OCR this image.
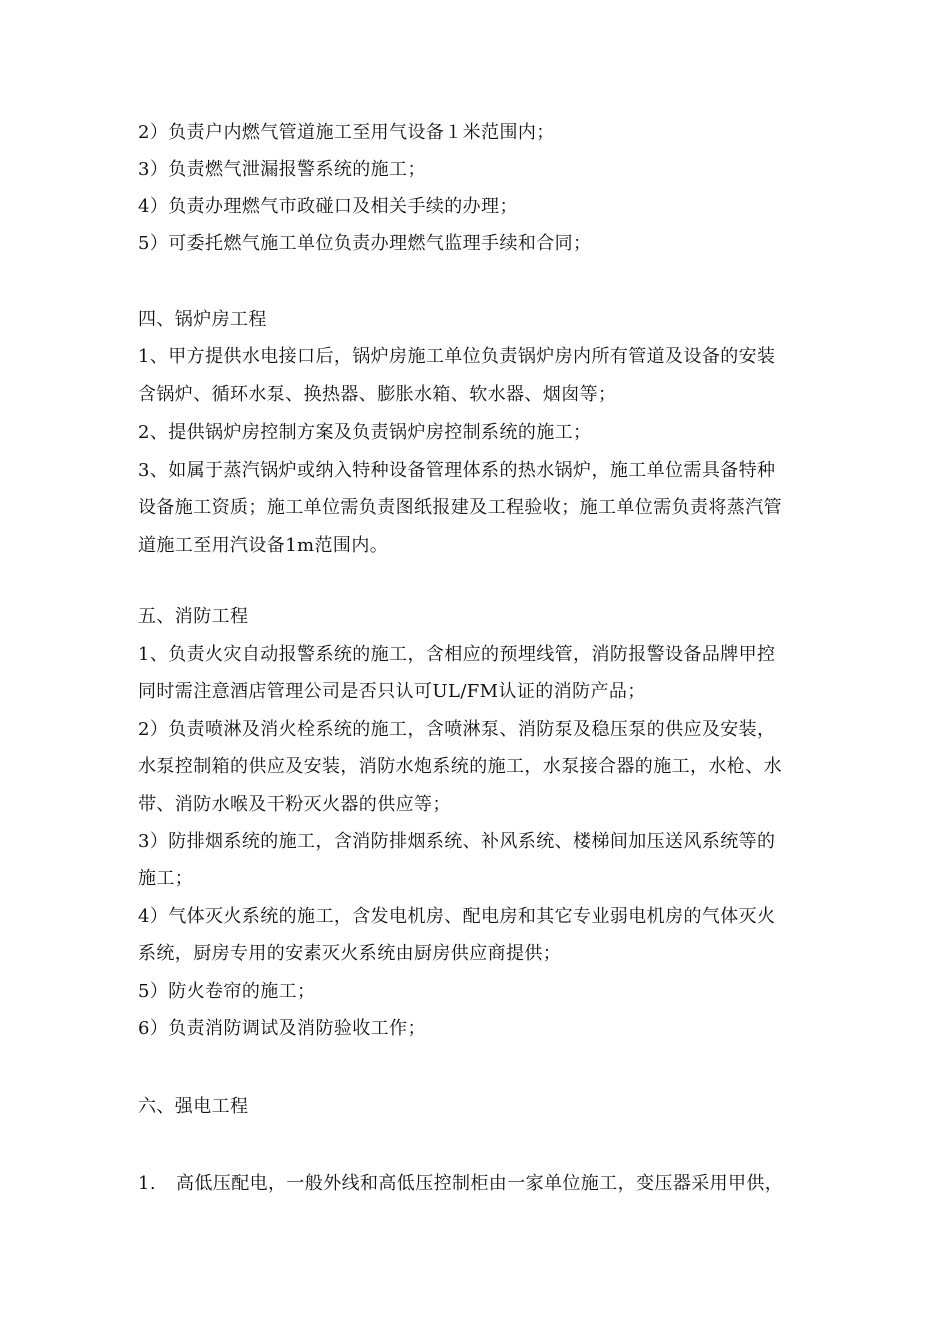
2）负责户内燃气管道施工至用气设备１米范围内；
3）负责燃气泄漏报警系统的施工；
4）负责办理燃气市政碰口及相关手续的办理；
5）可委托燃气施工单位负责办理燃气监理手续和合同；
四、锅炉房工程
1、甲方提供水电接口后，锅炉房施工单位负责锅炉房内所有管道及设备的安装
含锅炉、循环水泵、换热器、膨胀水箱、软水器、烟囱等；
2、提供锅炉房控制方案及负责锅炉房控制系统的施工；
3、如属于蒸汽锅炉或纳入特种设备管理体系的热水锅炉，施工单位需具备特种
设备施工资质；施工单位需负责图纸报建及工程验收；施工单位需负责将蒸汽管
道施工至用汽设备1m范围内。
五、消防工程
1、负责火灾自动报警系统的施工，含相应的预埋线管，消防报警设备品牌甲控
同时需注意酒店管理公司是否只认可UL/FM认证的消防产品；
2）负责喷淋及消火栓系统的施工，含喷淋泵、消防泵及稳压泵的供应及安装，
水泵控制箱的供应及安装，消防水炮系统的施工，水泵接合器的施工，水枪、水
带、消防水喉及干粉灭火器的供应等；
3）防排烟系统的施工，含消防排烟系统、补风系统、楼梯间加压送风系统等的
施工；
4）气体灭火系统的施工，含发电机房、配电房和其它专业弱电机房的气体灭火
系统，厨房专用的安素灭火系统由厨房供应商提供；
5）防火卷帘的施工；
6）负责消防调试及消防验收工作；
六、强电工程
1. 高低压配电，一般外线和高低压控制柜由一家单位施工，变压器采用甲供，
